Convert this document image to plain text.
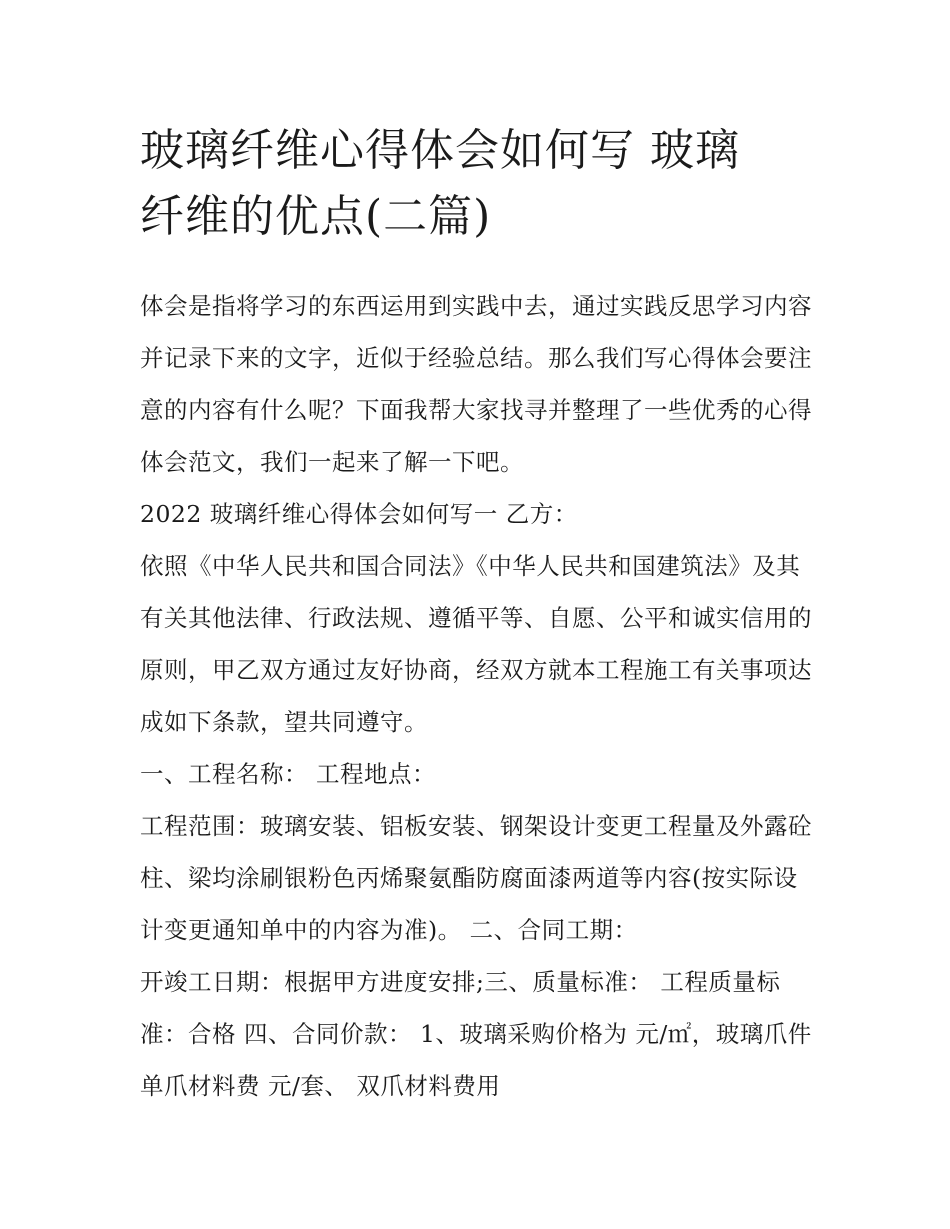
玻璃纤维心得体会如何写 玻璃
纤维的优点(二篇)

体会是指将学习的东西运用到实践中去，通过实践反思学习内容并记录下来的文字，近似于经验总结。那么我们写心得体会要注意的内容有什么呢？下面我帮大家找寻并整理了一些优秀的心得体会范文，我们一起来了解一下吧。

2022 玻璃纤维心得体会如何写一 乙方：

依照《中华人民共和国合同法》《中华人民共和国建筑法》及其有关其他法律、行政法规、遵循平等、自愿、公平和诚实信用的原则，甲乙双方通过友好协商，经双方就本工程施工有关事项达成如下条款，望共同遵守。

一、工程名称： 工程地点：

工程范围：玻璃安装、铝板安装、钢架设计变更工程量及外露砼柱、梁均涂刷银粉色丙烯聚氨酯防腐面漆两道等内容(按实际设计变更通知单中的内容为准)。 二、合同工期：

开竣工日期：根据甲方进度安排;三、质量标准： 工程质量标准：合格 四、合同价款： 1、玻璃采购价格为 元/㎡，玻璃爪件单爪材料费 元/套、 双爪材料费用
